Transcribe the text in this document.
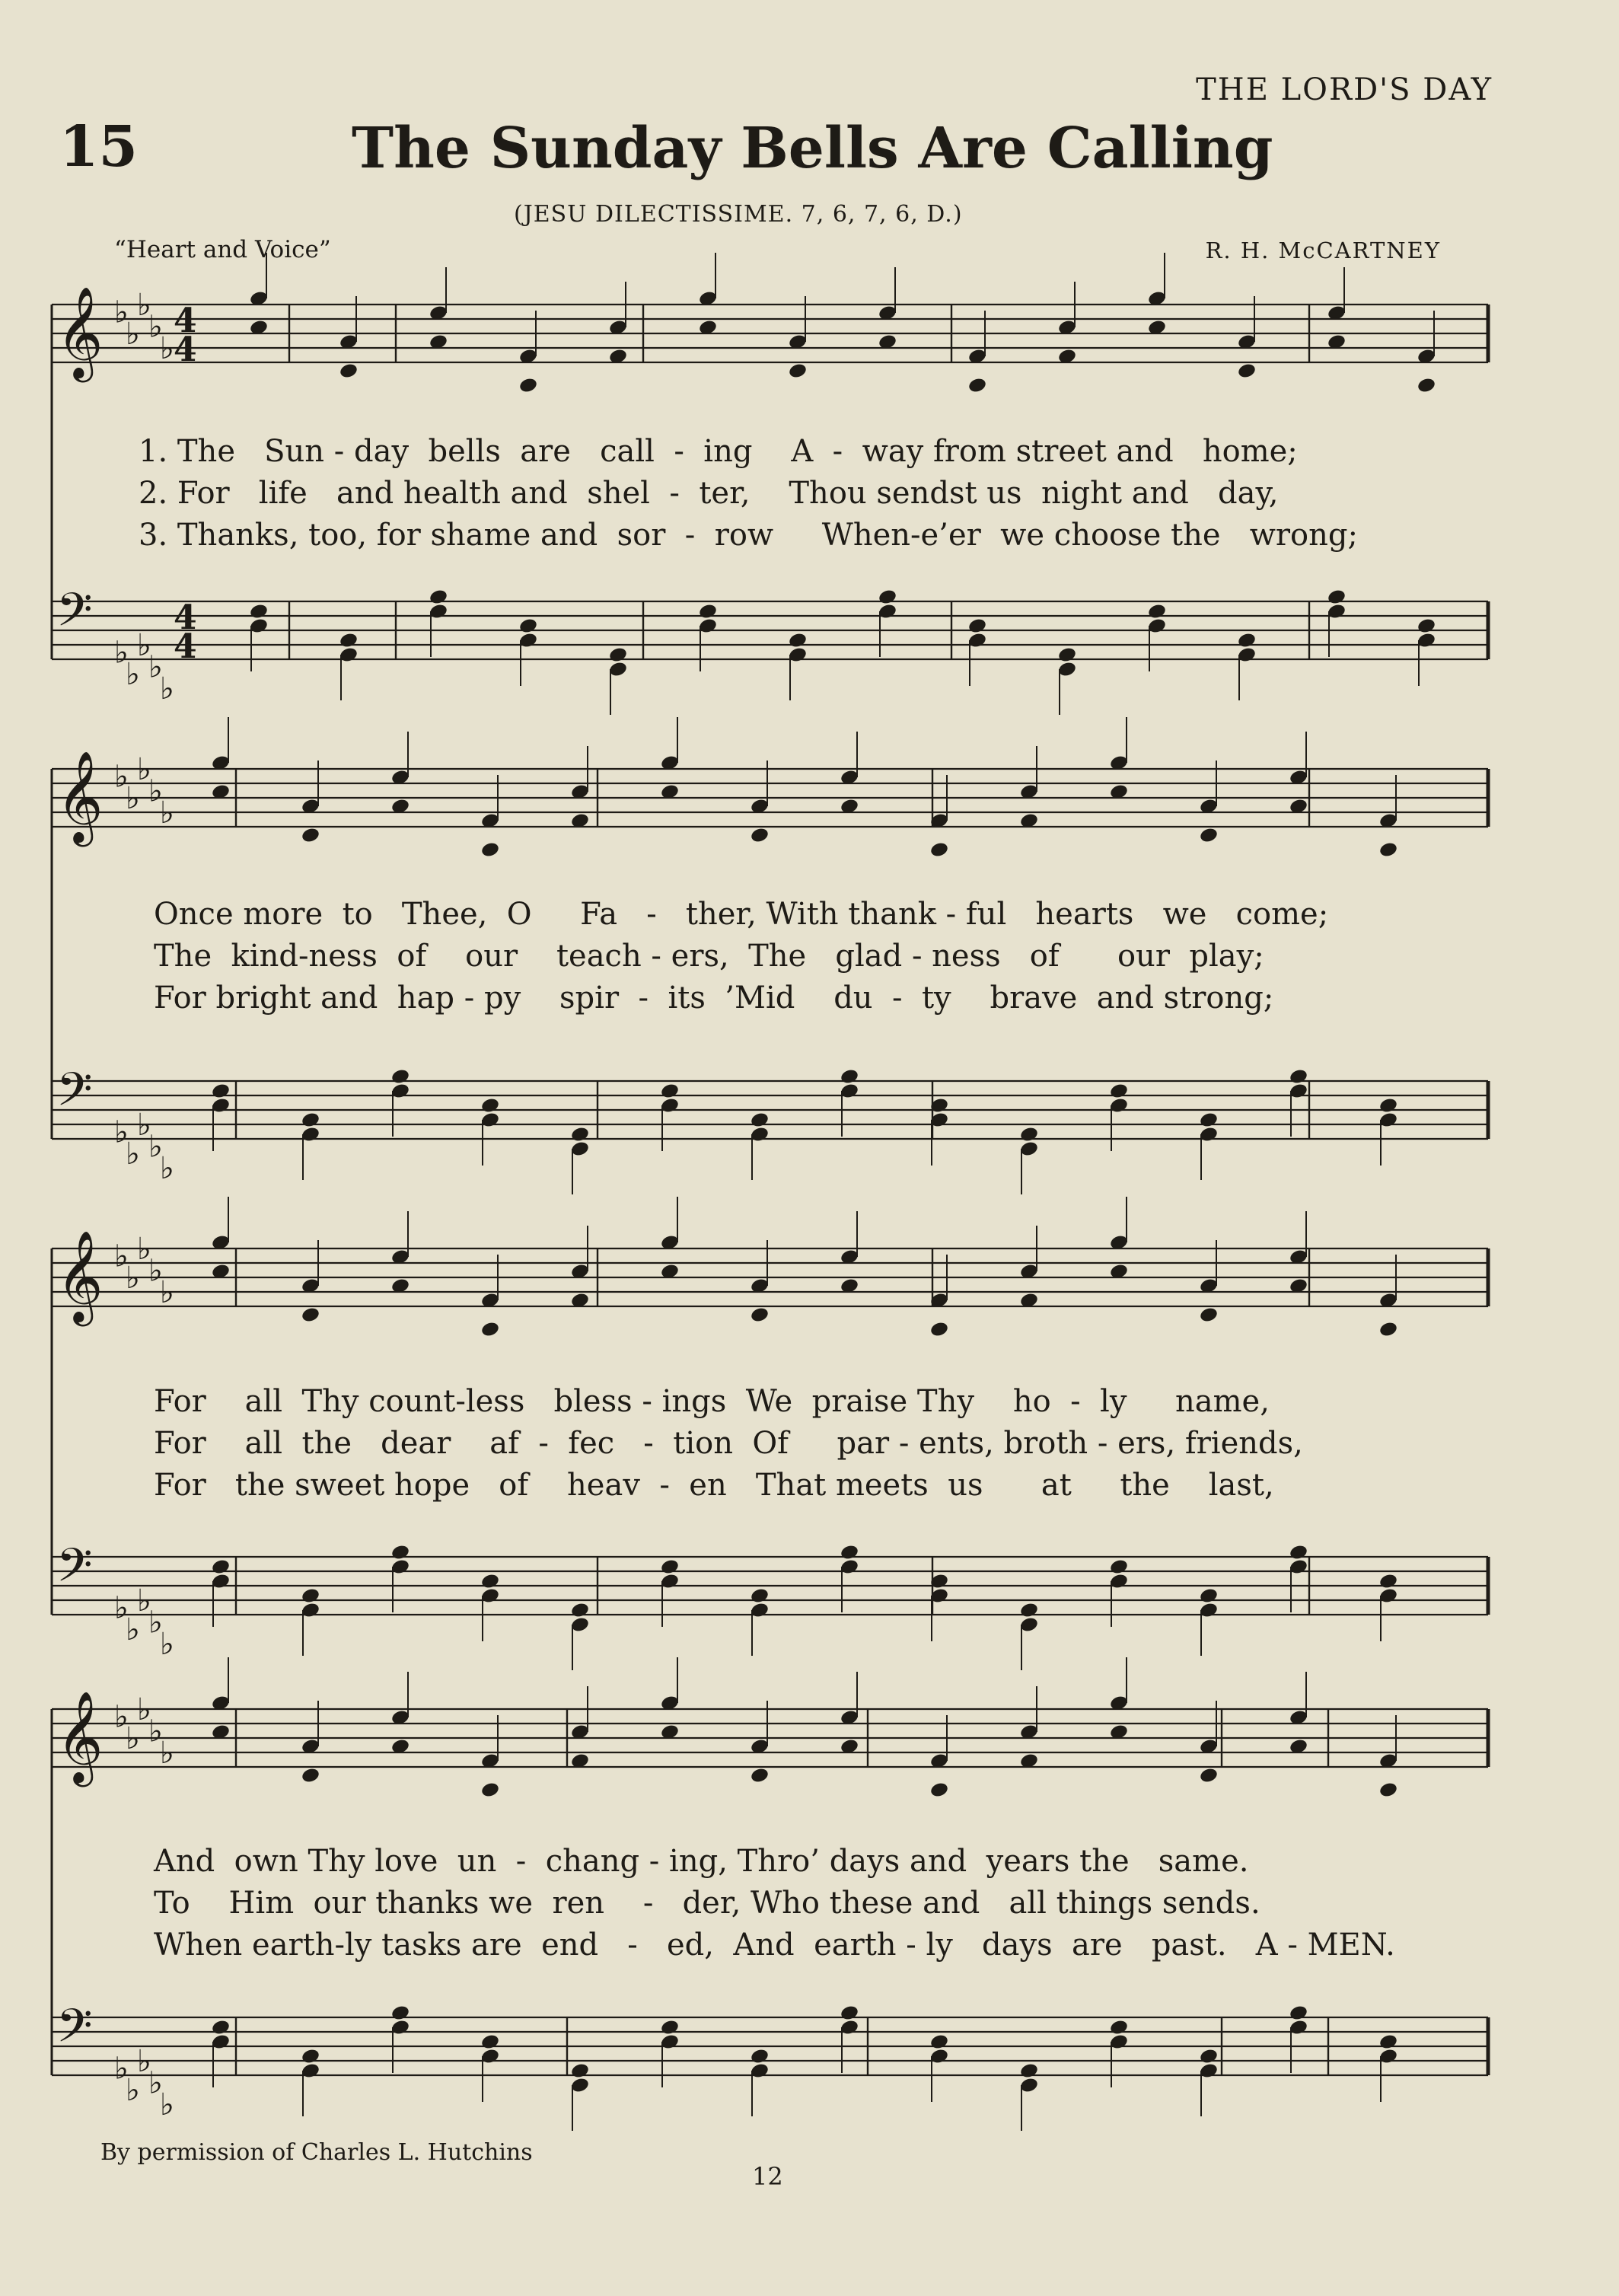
THE LORD'S DAY
15	The Sunday Bells Are Calling
(JESU DILECTISSIME. 7, 6, 7, 6, D.)
“Heart and Voice”	R. H. McCARTNEY
𝄞 ♭
♭
♭
♭
♭
4
4
𝄢
♭
♭
♭
♭
♭
4
4
𝄞 ♭
♭
♭
♭
♭
𝄢
♭
♭
♭
♭
♭
𝄞 ♭
♭
♭
♭
♭
𝄢
♭
♭
♭
♭
♭
𝄞 ♭
♭
♭
♭
♭
𝄢
♭
♭
♭
♭
♭
1. The   Sun - day  bells  are   call  -  ing    A  -  way from street and   home;
2. For   life   and health and  shel  -  ter,    Thou sendst us  night and   day,
3. Thanks, too, for shame and  sor  -  row     When-e’er  we choose the   wrong;
Once more  to   Thee,  O     Fa   -   ther, With thank - ful   hearts   we   come;
The  kind-ness  of    our    teach - ers,  The   glad - ness   of      our  play;
For bright and  hap - py    spir  -  its  ’Mid    du  -  ty    brave  and strong;
For    all  Thy count-less   bless - ings  We  praise Thy    ho  -  ly     name,
For    all  the   dear    af  -  fec   -  tion  Of     par - ents, broth - ers, friends,
For   the sweet hope   of    heav  -  en   That meets  us      at     the    last,
And  own Thy love  un  -  chang - ing, Thro’ days and  years the   same.
To    Him  our thanks we  ren    -   der, Who these and   all things sends.
When earth-ly tasks are  end   -   ed,  And  earth - ly   days  are   past.   A - MEN.
By permission of Charles L. Hutchins
12
